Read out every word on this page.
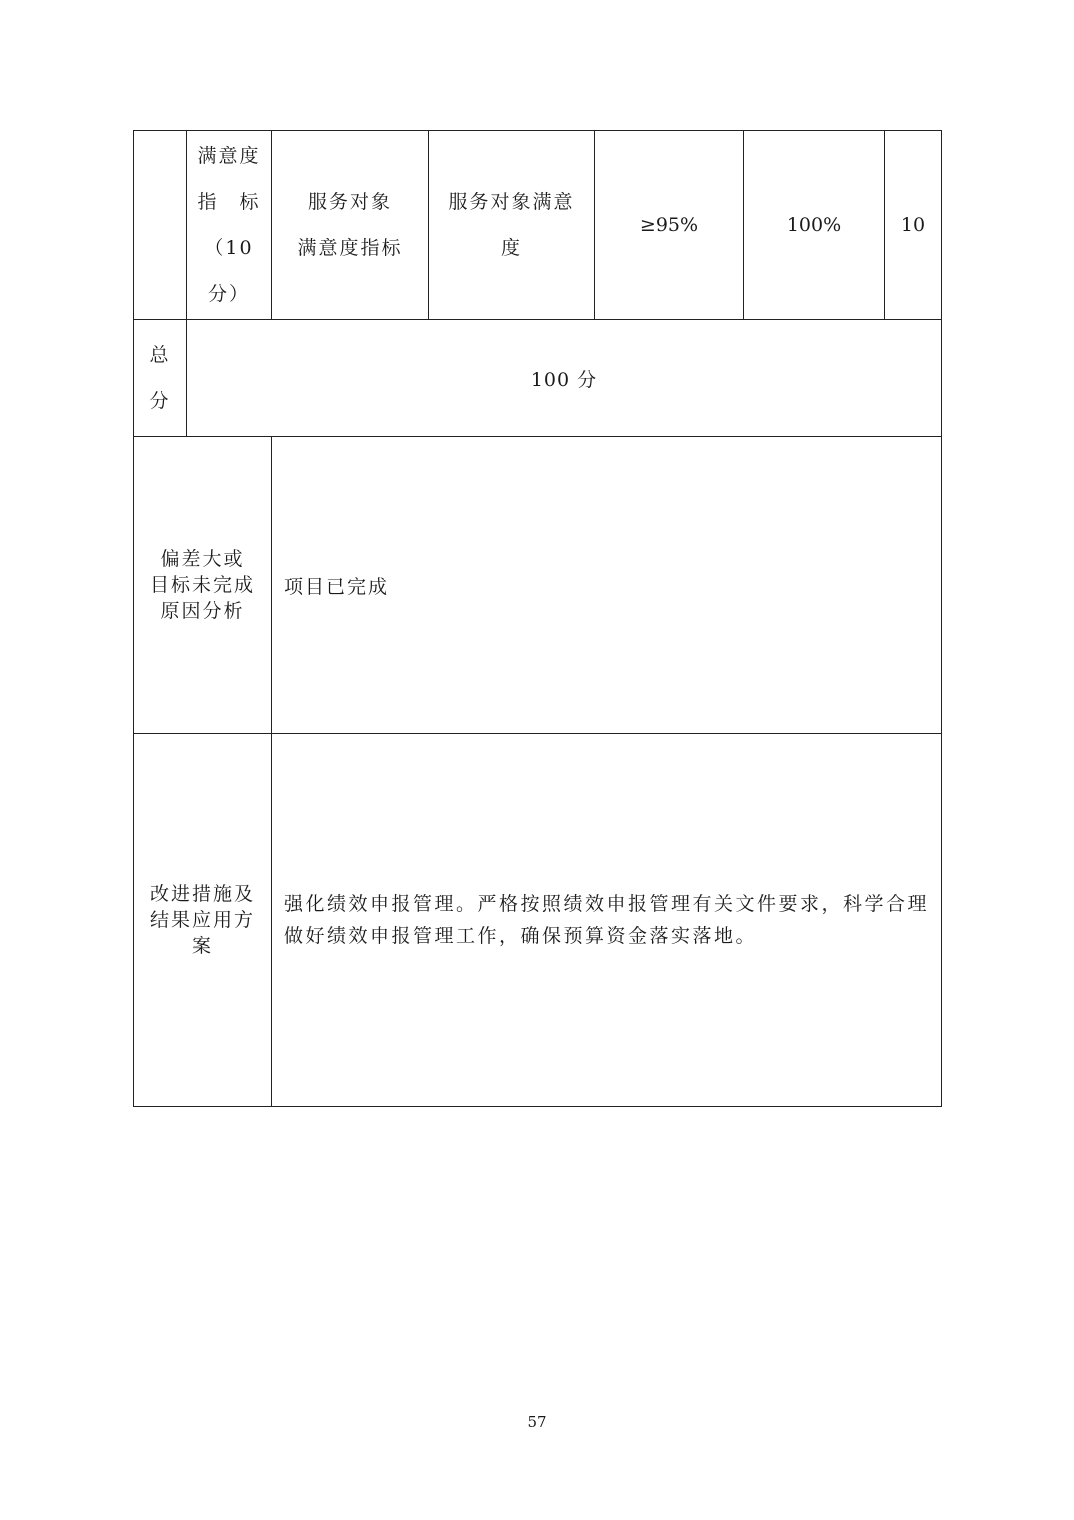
满意度
指　标
（10
分）
服务对象
满意度指标
服务对象满意
度
≥95%	100%	10
总
分
100 分
偏差大或
目标未完成
原因分析
项目已完成
改进措施及
结果应用方
案
强化绩效申报管理。严格按照绩效申报管理有关文件要求，科学合理
做好绩效申报管理工作，确保预算资金落实落地。
57
